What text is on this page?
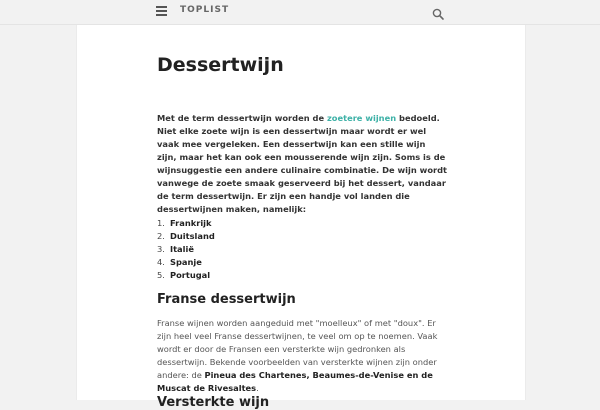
TOPLIST
Dessertwijn

Met de term dessertwijn worden de zoetere wijnen bedoeld. Niet elke zoete wijn is een dessertwijn maar wordt er wel vaak mee vergeleken. Een dessertwijn kan een stille wijn zijn, maar het kan ook een mousserende wijn zijn. Soms is de wijnsuggestie een andere culinaire combinatie. De wijn wordt vanwege de zoete smaak geserveerd bij het dessert, vandaar de term dessertwijn. Er zijn een handje vol landen die dessertwijnen maken, namelijk:

1. Frankrijk
2. Duitsland
3. Italië
4. Spanje
5. Portugal
Franse dessertwijn

Franse wijnen worden aangeduid met "moelleux" of met "doux". Er zijn heel veel Franse dessertwijnen, te veel om op te noemen. Vaak wordt er door de Fransen een versterkte wijn gedronken als dessertwijn. Bekende voorbeelden van versterkte wijnen zijn onder andere: de Pineua des Chartenes, Beaumes-de-Venise en de Muscat de Rivesaltes.

Versterkte wijn
